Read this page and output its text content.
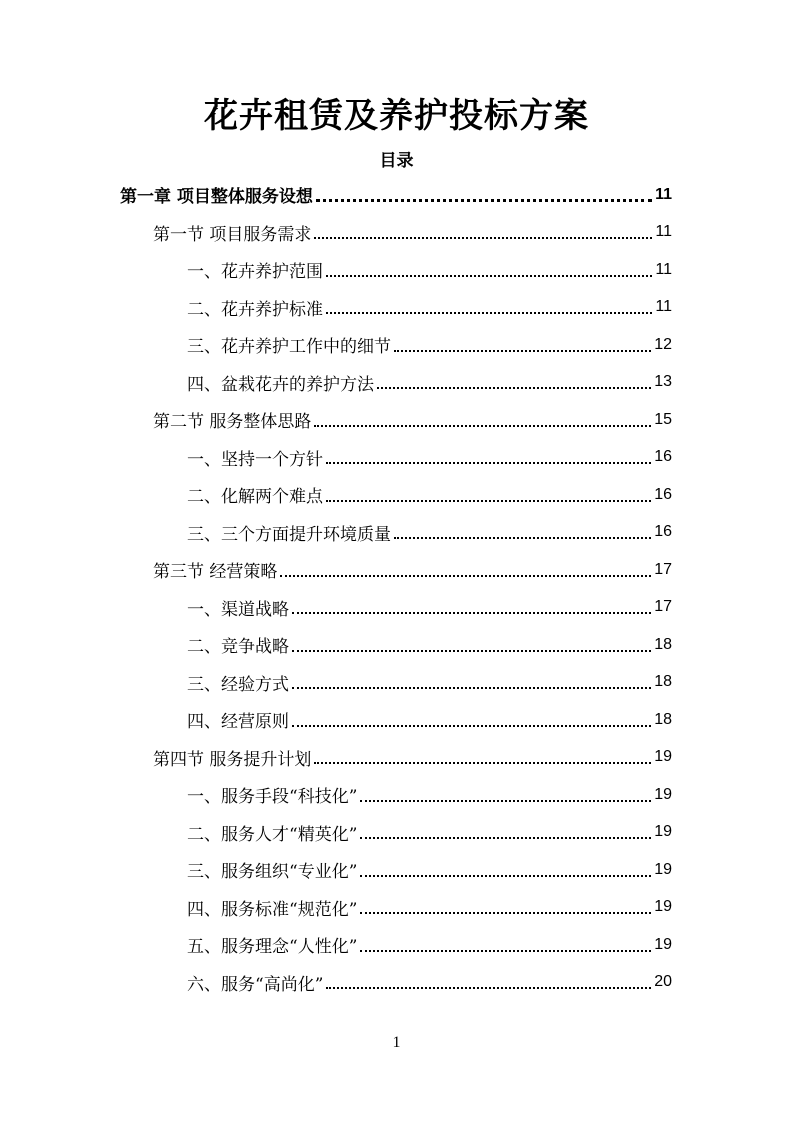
花卉租赁及养护投标方案
目录
第一章 项目整体服务设想	11
第一节 项目服务需求	11
一、花卉养护范围	11
二、花卉养护标准	11
三、花卉养护工作中的细节	12
四、盆栽花卉的养护方法	13
第二节 服务整体思路	15
一、坚持一个方针	16
二、化解两个难点	16
三、三个方面提升环境质量	16
第三节 经营策略	17
一、渠道战略	17
二、竞争战略	18
三、经验方式	18
四、经营原则	18
第四节 服务提升计划	19
一、服务手段“科技化”	19
二、服务人才“精英化”	19
三、服务组织“专业化”	19
四、服务标准“规范化”	19
五、服务理念“人性化”	19
六、服务“高尚化”	20
1
